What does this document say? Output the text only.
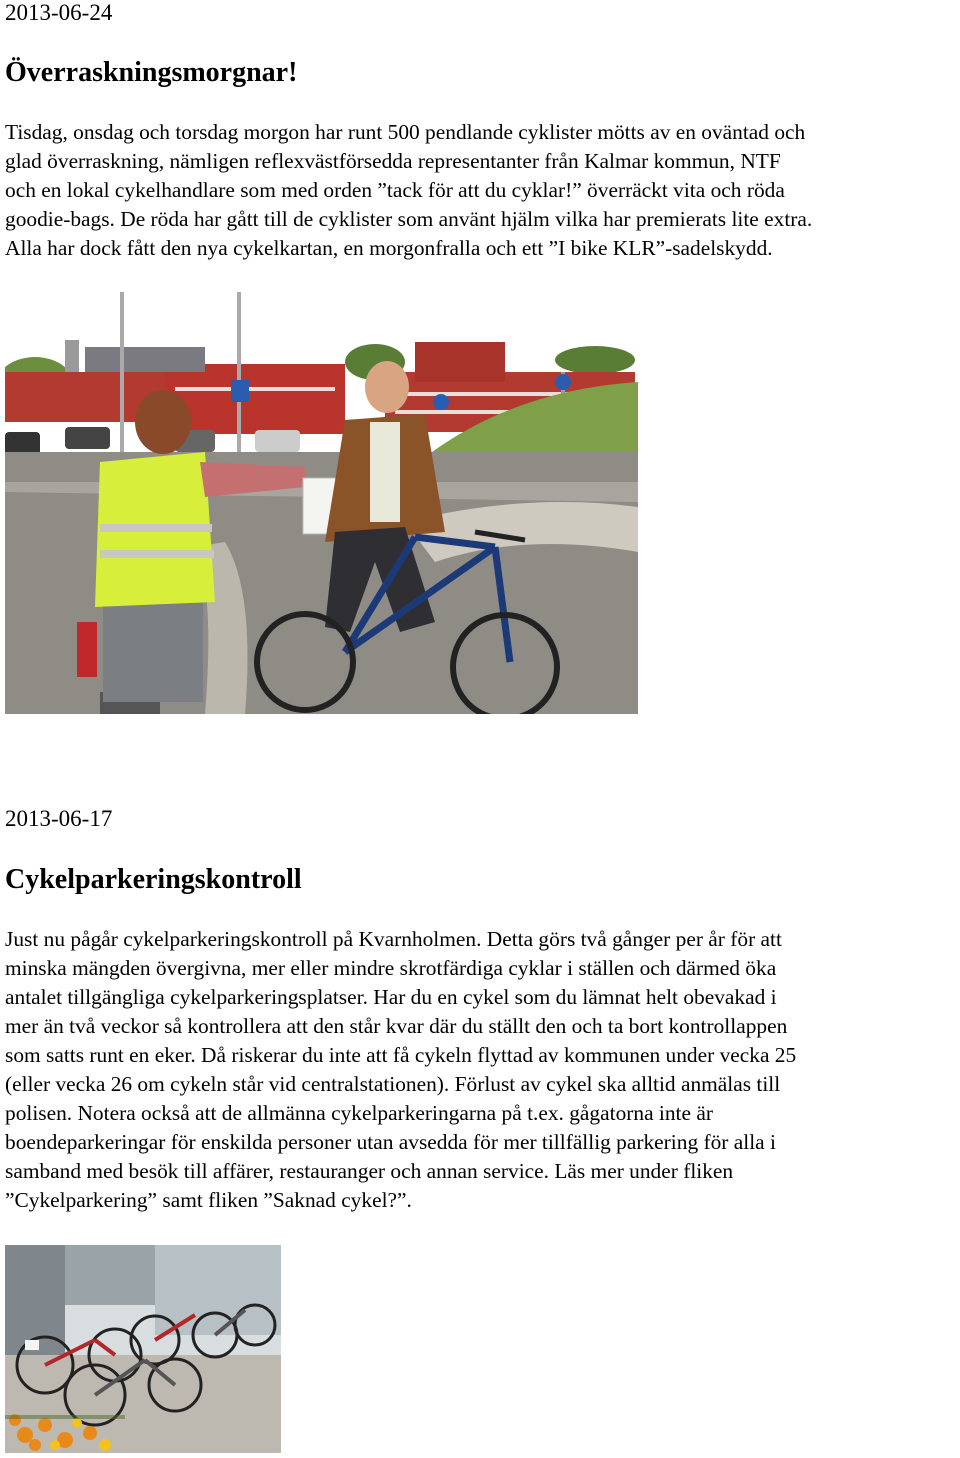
2013-06-24
Överraskningsmorgnar!

Tisdag, onsdag och torsdag morgon har runt 500 pendlande cyklister mötts av en oväntad och

glad överraskning, nämligen reflexvästförsedda representanter från Kalmar kommun, NTF

och en lokal cykelhandlare som med orden ”tack för att du cyklar!” överräckt vita och röda

goodie-bags. De röda har gått till de cyklister som använt hjälm vilka har premierats lite extra.

Alla har dock fått den nya cykelkartan, en morgonfralla och ett ”I bike KLR”-sadelskydd.

2013-06-17
Cykelparkeringskontroll

Just nu pågår cykelparkeringskontroll på Kvarnholmen. Detta görs två gånger per år för att

minska mängden övergivna, mer eller mindre skrotfärdiga cyklar i ställen och därmed öka

antalet tillgängliga cykelparkeringsplatser. Har du en cykel som du lämnat helt obevakad i

mer än två veckor så kontrollera att den står kvar där du ställt den och ta bort kontrollappen

som satts runt en eker. Då riskerar du inte att få cykeln flyttad av kommunen under vecka 25

(eller vecka 26 om cykeln står vid centralstationen). Förlust av cykel ska alltid anmälas till

polisen. Notera också att de allmänna cykelparkeringarna på t.ex. gågatorna inte är

boendeparkeringar för enskilda personer utan avsedda för mer tillfällig parkering för alla i

samband med besök till affärer, restauranger och annan service. Läs mer under fliken

”Cykelparkering” samt fliken ”Saknad cykel?”.
